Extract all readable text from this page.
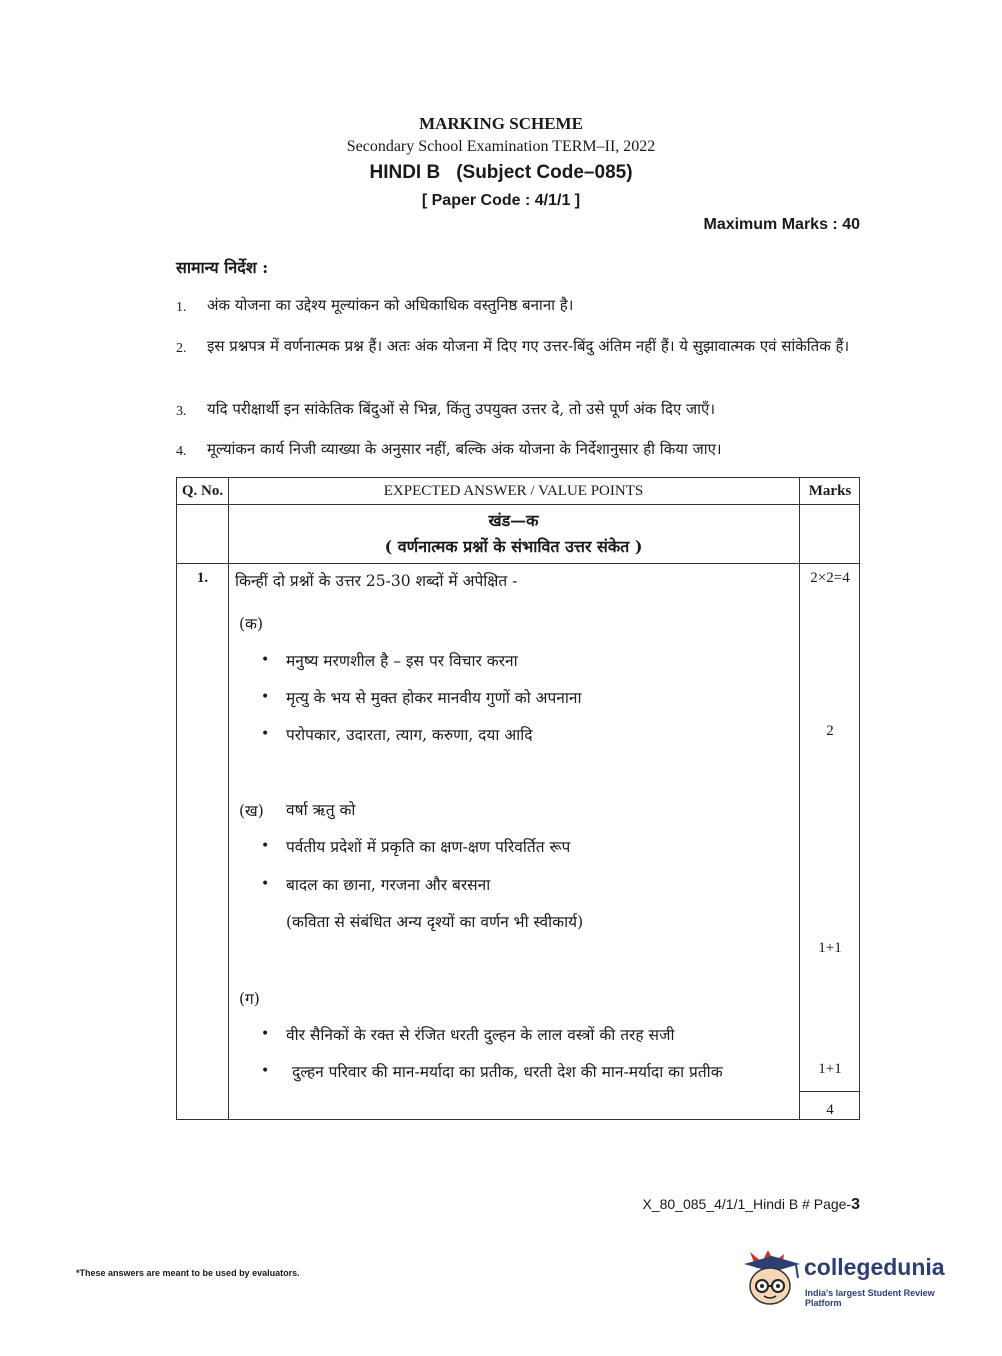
MARKING SCHEME
Secondary School Examination TERM–II, 2022
HINDI B (Subject Code–085)
[ Paper Code : 4/1/1 ]
Maximum Marks : 40
सामान्य निर्देश :
1. अंक योजना का उद्देश्य मूल्यांकन को अधिकाधिक वस्तुनिष्ठ बनाना है।
2. इस प्रश्नपत्र में वर्णनात्मक प्रश्न हैं। अतः अंक योजना में दिए गए उत्तर-बिंदु अंतिम नहीं हैं। ये सुझावात्मक एवं सांकेतिक हैं।
3. यदि परीक्षार्थी इन सांकेतिक बिंदुओं से भिन्न, किंतु उपयुक्त उत्तर दे, तो उसे पूर्ण अंक दिए जाएँ।
4. मूल्यांकन कार्य निजी व्याख्या के अनुसार नहीं, बल्कि अंक योजना के निर्देशानुसार ही किया जाए।
Q. No.	EXPECTED ANSWER / VALUE POINTS	Marks
खंड—क
( वर्णनात्मक प्रश्नों के संभावित उत्तर संकेत )
1.	किन्हीं दो प्रश्नों के उत्तर 25-30 शब्दों में अपेक्षित -	2×2=4
(क)
• मनुष्य मरणशील है – इस पर विचार करना
• मृत्यु के भय से मुक्त होकर मानवीय गुणों को अपनाना
• परोपकार, उदारता, त्याग, करुणा, दया आदि	2
(ख) वर्षा ऋतु को
• पर्वतीय प्रदेशों में प्रकृति का क्षण-क्षण परिवर्तित रूप
• बादल का छाना, गरजना और बरसना
(कविता से संबंधित अन्य दृश्यों का वर्णन भी स्वीकार्य)
1+1
(ग)
• वीर सैनिकों के रक्त से रंजित धरती दुल्हन के लाल वस्त्रों की तरह सजी
• दुल्हन परिवार की मान-मर्यादा का प्रतीक, धरती देश की मान-मर्यादा का प्रतीक	1+1
4
X_80_085_4/1/1_Hindi B # Page-3
*These answers are meant to be used by evaluators.	collegedunia
India's largest Student Review Platform
